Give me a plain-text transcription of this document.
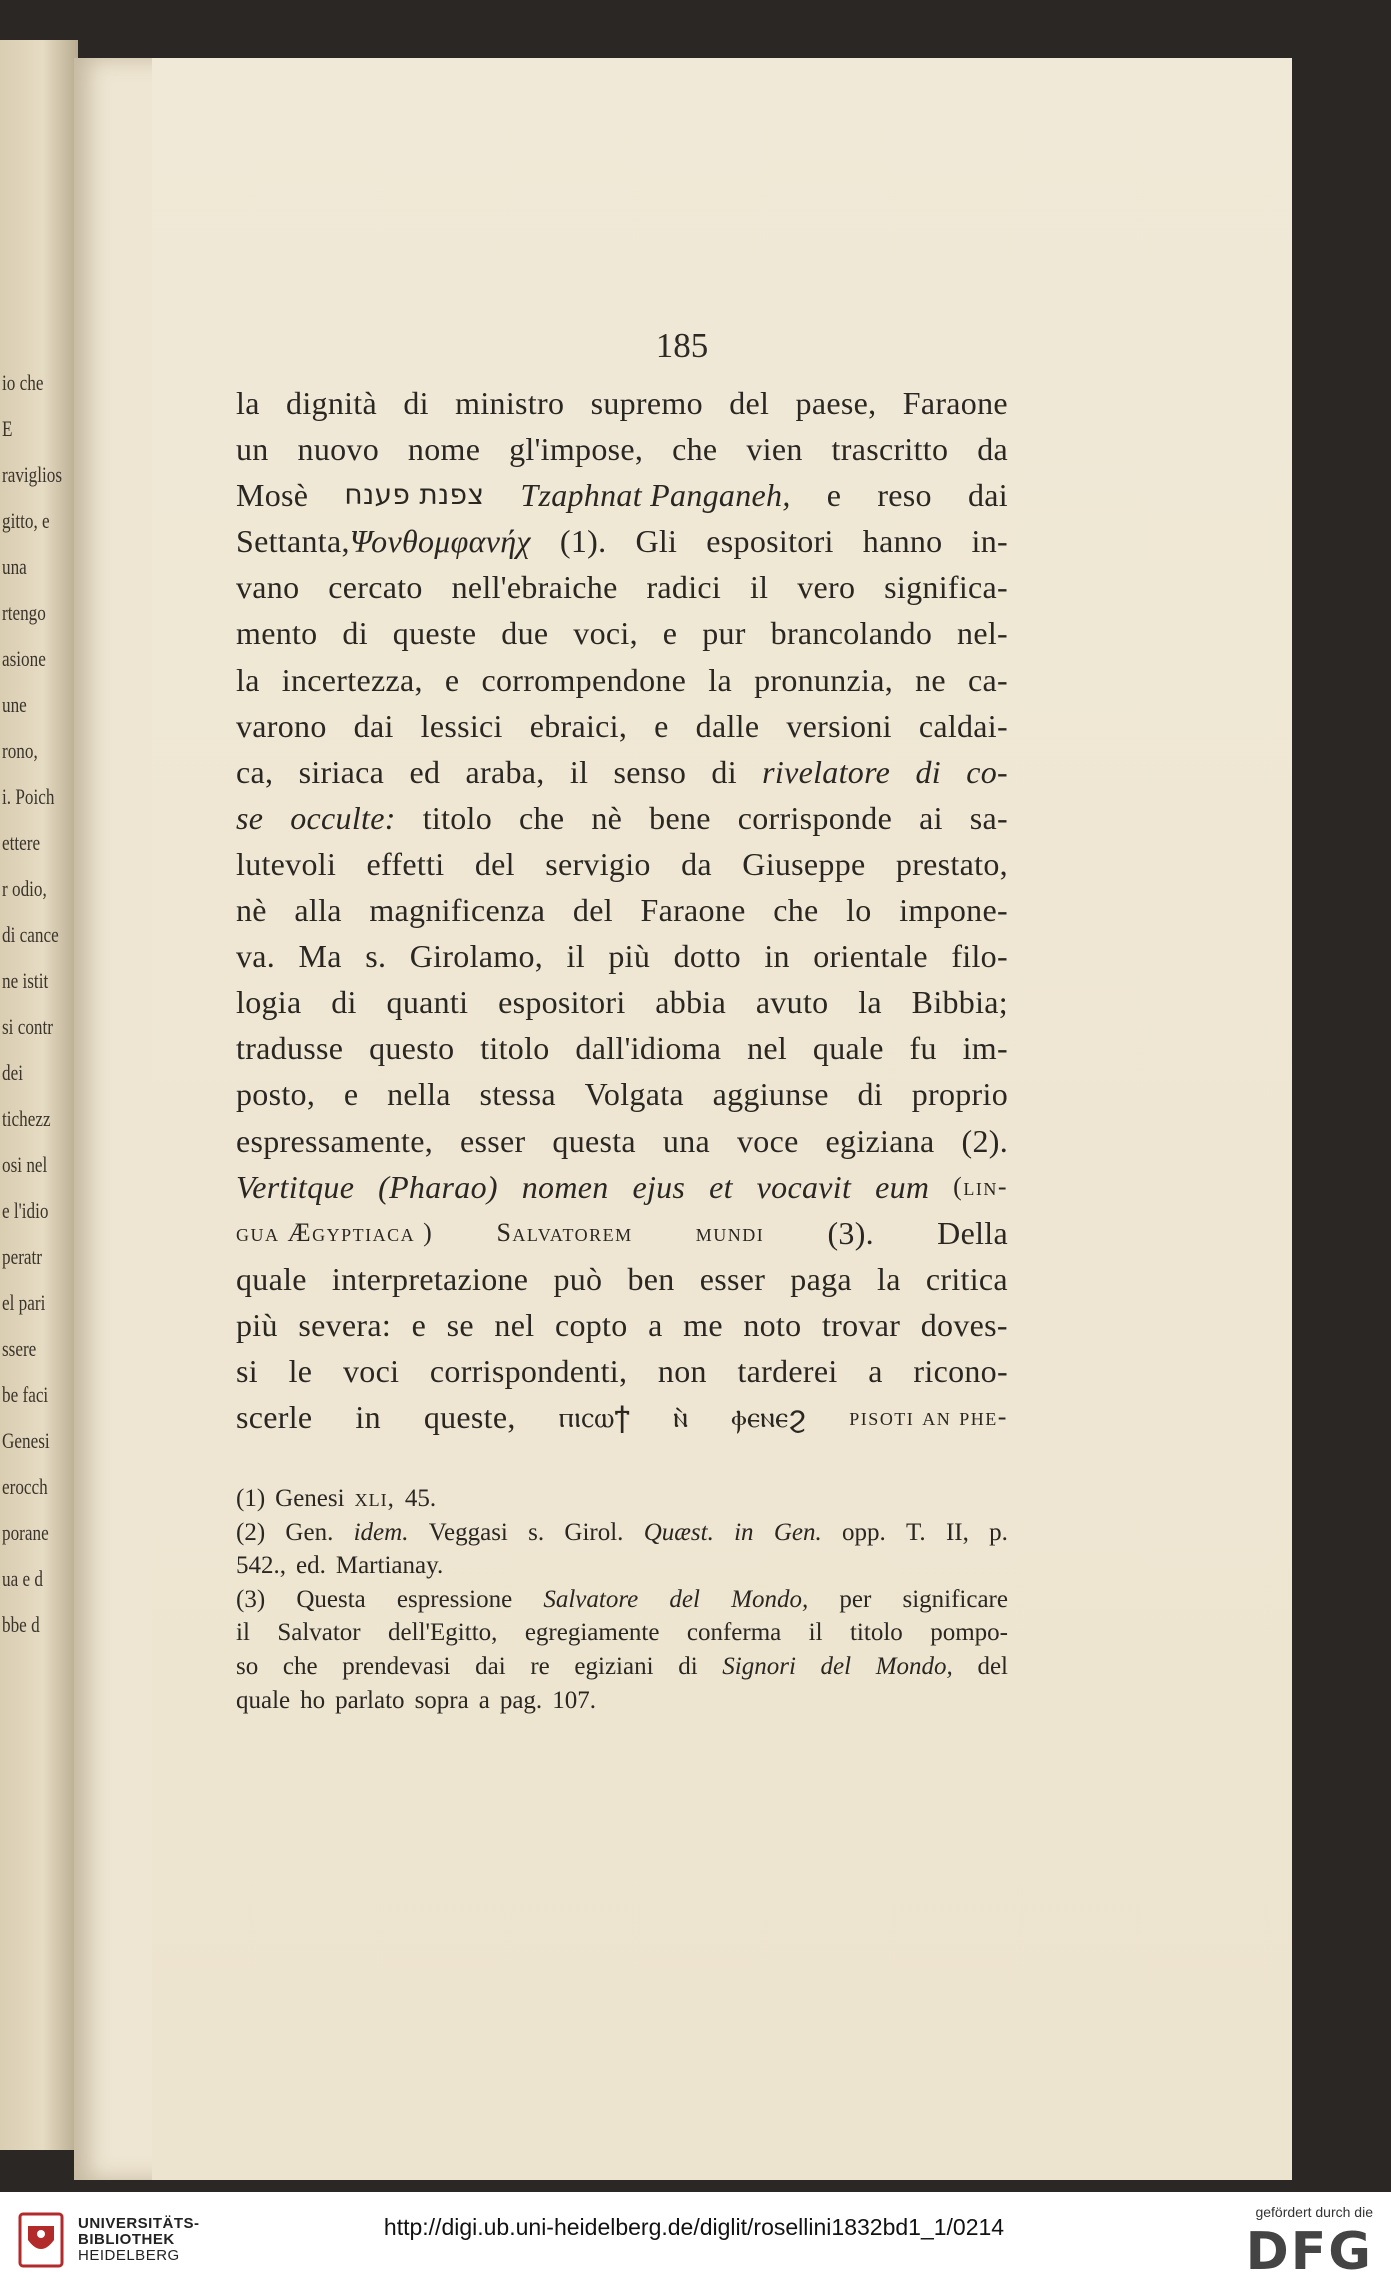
io che
E
raviglios
gitto, e
una
rtengo
asione
une
rono,
i. Poich
ettere
r odio,
di cance
ne istit
si contr
dei
tichezz
osi nel
e l'idio
peratr
el pari
ssere
be faci
Genesi
erocch
porane
ua e d
bbe d
185
la dignità di ministro supremo del paese, Faraone
un nuovo nome gl'impose, che vien trascritto da
Mosè צפנת פענח Tzaphnat Panganeh, e reso dai
Settanta,Ψονθομφανήχ (1). Gli espositori hanno in-
vano cercato nell'ebraiche radici il vero significa-
mento di queste due voci, e pur brancolando nel-
la incertezza, e corrompendone la pronunzia, ne ca-
varono dai lessici ebraici, e dalle versioni caldai-
ca, siriaca ed araba, il senso di rivelatore di co-
se occulte: titolo che nè bene corrisponde ai sa-
lutevoli effetti del servigio da Giuseppe prestato,
nè alla magnificenza del Faraone che lo impone-
va. Ma s. Girolamo, il più dotto in orientale filo-
logia di quanti espositori abbia avuto la Bibbia;
tradusse questo titolo dall'idioma nel quale fu im-
posto, e nella stessa Volgata aggiunse di proprio
espressamente, esser questa una voce egiziana (2).
Vertitque (Pharao) nomen ejus et vocavit eum (lin-
gua Ægyptiaca ) Salvatorem mundi (3). Della
quale interpretazione può ben esser paga la critica
più severa: e se nel copto a me noto trovar doves-
si le voci corrispondenti, non tarderei a ricono-
scerle in queste, ⲡⲓⲥⲱϯ ⲛ̀ ⲫⲉⲛⲉϩ pisoti an phe-
(1) Genesi xli, 45.
(2) Gen. idem. Veggasi s. Girol. Quæst. in Gen. opp. T. II, p.
542., ed. Martianay.
(3) Questa espressione Salvatore del Mondo, per significare
il Salvator dell'Egitto, egregiamente conferma il titolo pompo-
so che prendevasi dai re egiziani di Signori del Mondo, del
quale ho parlato sopra a pag. 107.
UNIVERSITÄTS-
BIBLIOTHEK
HEIDELBERG
http://digi.ub.uni-heidelberg.de/diglit/rosellini1832bd1_1/0214
gefördert durch die
DFG
